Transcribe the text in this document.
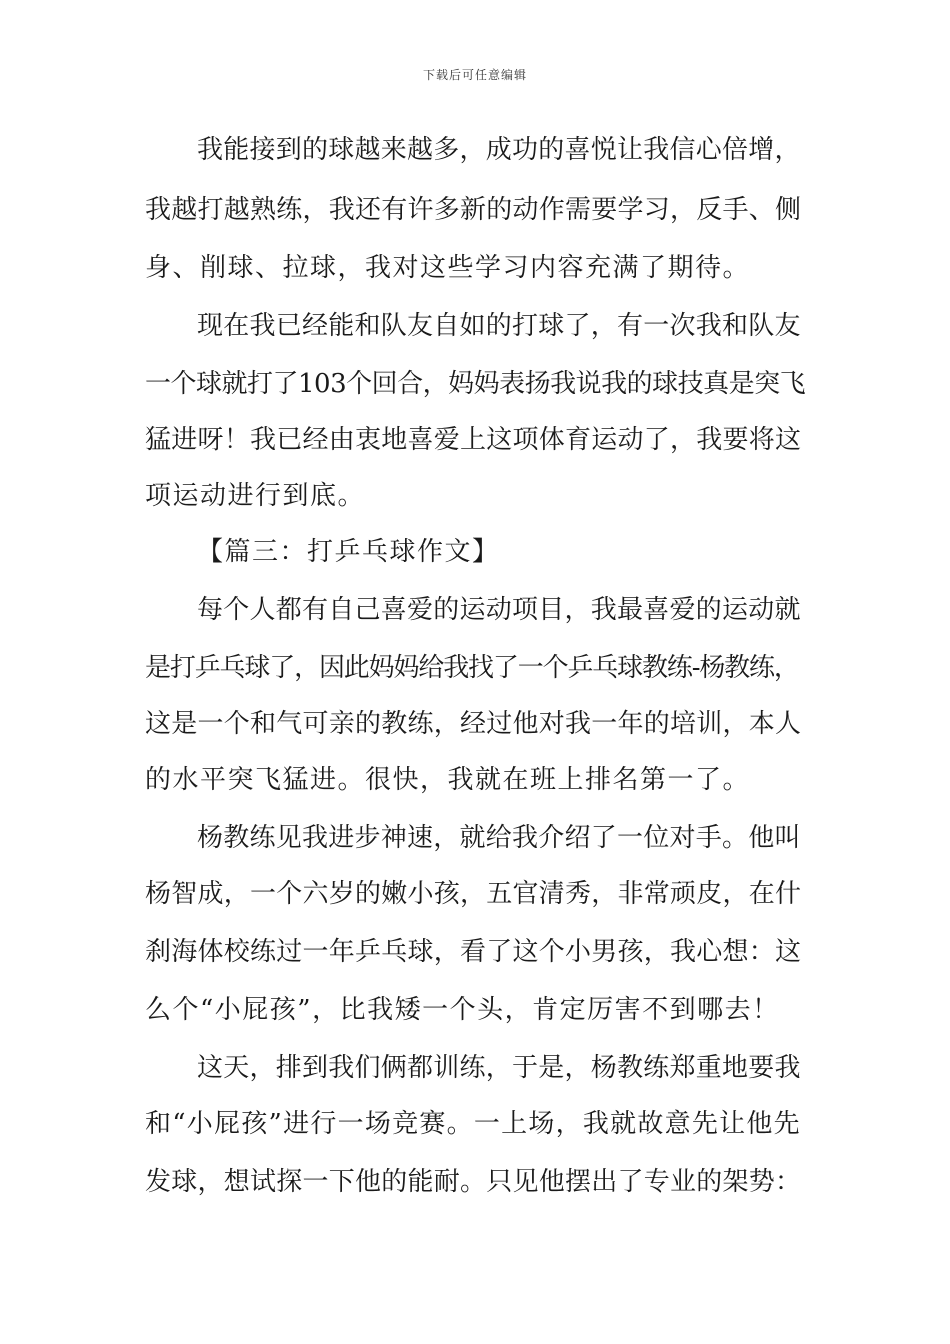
下载后可任意编辑
我能接到的球越来越多，成功的喜悦让我信心倍增，
我越打越熟练，我还有许多新的动作需要学习，反手、侧
身、削球、拉球，我对这些学习内容充满了期待。
现在我已经能和队友自如的打球了，有一次我和队友
一个球就打了103个回合，妈妈表扬我说我的球技真是突飞
猛进呀！我已经由衷地喜爱上这项体育运动了，我要将这
项运动进行到底。
【篇三：打乒乓球作文】
每个人都有自己喜爱的运动项目，我最喜爱的运动就
是打乒乓球了，因此妈妈给我找了一个乒乓球教练-杨教练，
这是一个和气可亲的教练，经过他对我一年的培训，本人
的水平突飞猛进。很快，我就在班上排名第一了。
杨教练见我进步神速，就给我介绍了一位对手。他叫
杨智成，一个六岁的嫩小孩，五官清秀，非常顽皮，在什
刹海体校练过一年乒乓球，看了这个小男孩，我心想：这
么个“小屁孩”，比我矮一个头，肯定厉害不到哪去！
这天，排到我们俩都训练，于是，杨教练郑重地要我
和“小屁孩”进行一场竞赛。一上场，我就故意先让他先
发球，想试探一下他的能耐。只见他摆出了专业的架势：
